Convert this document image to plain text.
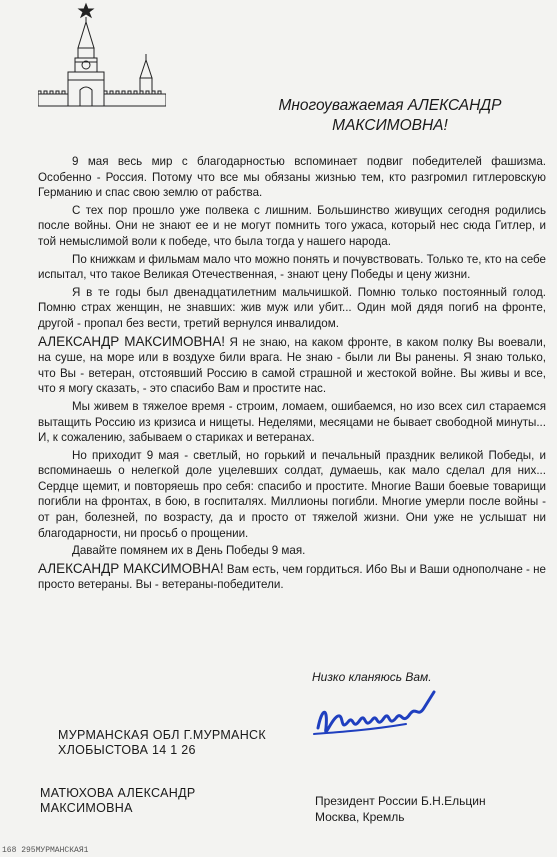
Многоуважаемая АЛЕКСАНДР
МАКСИМОВНА!

9 мая весь мир с благодарностью вспоминает подвиг победителей фашизма. Особенно - Россия. Потому что все мы обязаны жизнью тем, кто разгромил гитлеровскую Германию и спас свою землю от рабства.

С тех пор прошло уже полвека с лишним. Большинство живущих сегодня родились после войны. Они не знают ее и не могут помнить того ужаса, который нес сюда Гитлер, и той немыслимой воли к победе, что была тогда у нашего народа.

По книжкам и фильмам мало что можно понять и почувствовать. Только те, кто на себе испытал, что такое Великая Отечественная, - знают цену Победы и цену жизни.

Я в те годы был двенадцатилетним мальчишкой. Помню только постоянный голод. Помню страх женщин, не знавших: жив муж или убит... Один мой дядя погиб на фронте, другой - пропал без вести, третий вернулся инвалидом.

АЛЕКСАНДР МАКСИМОВНА! Я не знаю, на каком фронте, в каком полку Вы воевали, на суше, на море или в воздухе били врага. Не знаю - были ли Вы ранены. Я знаю только, что Вы - ветеран, отстоявший Россию в самой страшной и жестокой войне. Вы живы и все, что я могу сказать, - это спасибо Вам и простите нас.

Мы живем в тяжелое время - строим, ломаем, ошибаемся, но изо всех сил стараемся вытащить Россию из кризиса и нищеты. Неделями, месяцами не бывает свободной минуты... И, к сожалению, забываем о стариках и ветеранах.

Но приходит 9 мая - светлый, но горький и печальный праздник великой Победы, и вспоминаешь о нелегкой доле уцелевших солдат, думаешь, как мало сделал для них... Сердце щемит, и повторяешь про себя: спасибо и простите. Многие Ваши боевые товарищи погибли на фронтах, в бою, в госпиталях. Миллионы погибли. Многие умерли после войны - от ран, болезней, по возрасту, да и просто от тяжелой жизни. Они уже не услышат ни благодарности, ни просьб о прощении.

Давайте помянем их в День Победы 9 мая.

АЛЕКСАНДР МАКСИМОВНА! Вам есть, чем гордиться. Ибо Вы и Ваши однополчане - не просто ветераны. Вы - ветераны-победители.

Низко кланяюсь Вам.
МУРМАНСКАЯ ОБЛ Г.МУРМАНСК
ХЛОБЫСТОВА 14 1 26
МАТЮХОВА АЛЕКСАНДР
МАКСИМОВНА	Президент России Б.Н.Ельцин
Москва, Кремль
168 295МУРМАНСКАЯ1
